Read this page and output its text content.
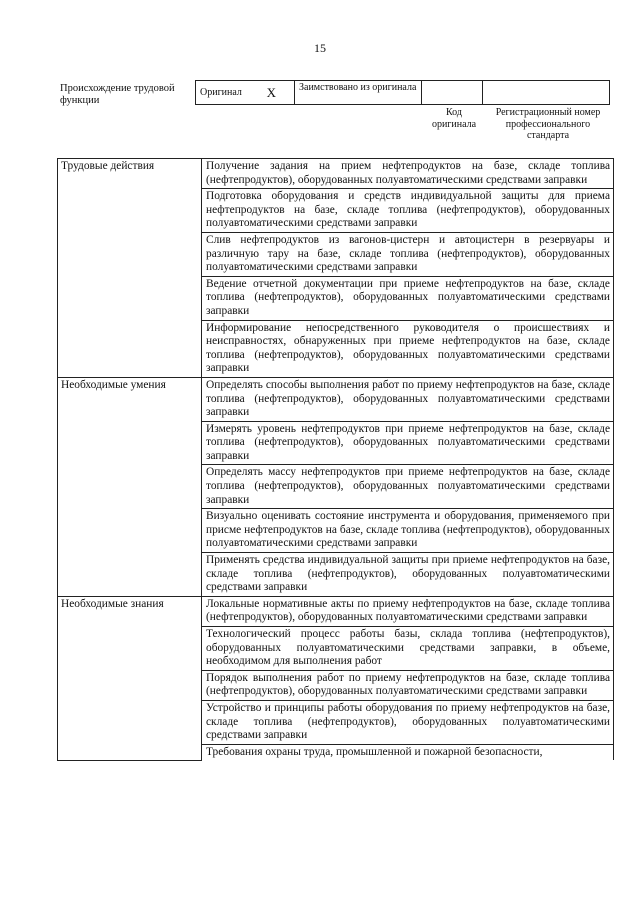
15
Происхождение трудовой функции
Оригинал X	Заимствовано из оригинала		
Код оригинала
Регистрационный номер профессионального стандарта
Трудовые действия	Получение задания на прием нефтепродуктов на базе, складе топлива (нефтепродуктов), оборудованных полуавтоматическими средствами заправки
	Подготовка оборудования и средств индивидуальной защиты для приема нефтепродуктов на базе, складе топлива (нефтепродуктов), оборудованных полуавтоматическими средствами заправки
	Слив нефтепродуктов из вагонов-цистерн и автоцистерн в резервуары и различную тару на базе, складе топлива (нефтепродуктов), оборудованных полуавтоматическими средствами заправки
	Ведение отчетной документации при приеме нефтепродуктов на базе, складе топлива (нефтепродуктов), оборудованных полуавтоматическими средствами заправки
	Информирование непосредственного руководителя о происшествиях и неисправностях, обнаруженных при приеме нефтепродуктов на базе, складе топлива (нефтепродуктов), оборудованных полуавтоматическими средствами заправки
Необходимые умения	Определять способы выполнения работ по приему нефтепродуктов на базе, складе топлива (нефтепродуктов), оборудованных полуавтоматическими средствами заправки
	Измерять уровень нефтепродуктов при приеме нефтепродуктов на базе, складе топлива (нефтепродуктов), оборудованных полуавтоматическими средствами заправки
	Определять массу нефтепродуктов при приеме нефтепродуктов на базе, складе топлива (нефтепродуктов), оборудованных полуавтоматическими средствами заправки
	Визуально оценивать состояние инструмента и оборудования, применяемого при присме нефтепродуктов на базе, складе топлива (нефтепродуктов), оборудованных полуавтоматическими средствами заправки
	Применять средства индивидуальной защиты при приеме нефтепродуктов на базе, складе топлива (нефтепродуктов), оборудованных полуавтоматическими средствами заправки
Необходимые знания	Локальные нормативные акты по приему нефтепродуктов на базе, складе топлива (нефтепродуктов), оборудованных полуавтоматическими средствами заправки
	Технологический процесс работы базы, склада топлива (нефтепродуктов), оборудованных полуавтоматическими средствами заправки, в объеме, необходимом для выполнения работ
	Порядок выполнения работ по приему нефтепродуктов на базе, складе топлива (нефтепродуктов), оборудованных полуавтоматическими средствами заправки
	Устройство и принципы работы оборудования по приему нефтепродуктов на базе, складе топлива (нефтепродуктов), оборудованных полуавтоматическими средствами заправки
	Требования охраны труда, промышленной и пожарной безопасности,
